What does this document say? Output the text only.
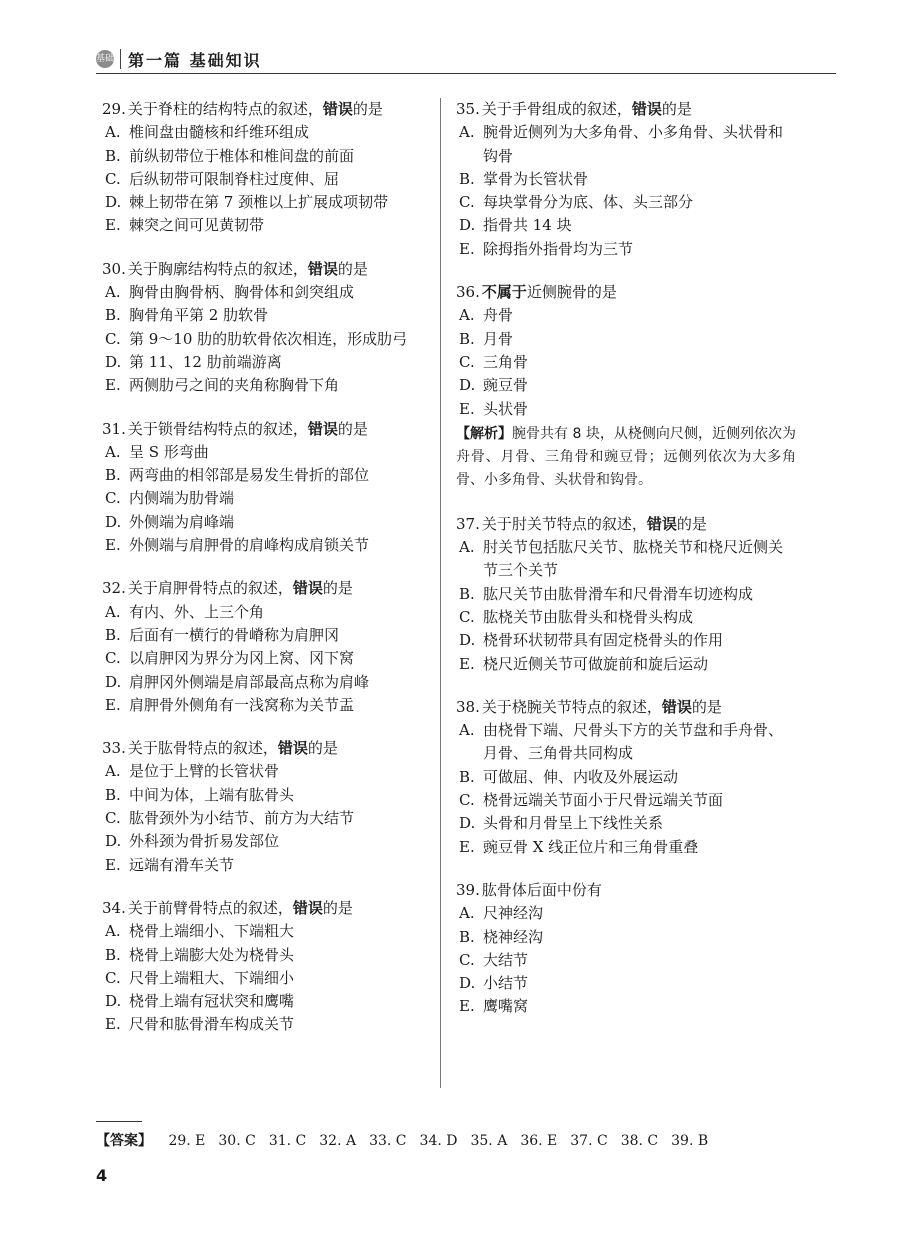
基础 第一篇 基础知识
29. 关于脊柱的结构特点的叙述，错误的是
A. 椎间盘由髓核和纤维环组成
B. 前纵韧带位于椎体和椎间盘的前面
C. 后纵韧带可限制脊柱过度伸、屈
D. 棘上韧带在第 7 颈椎以上扩展成项韧带
E. 棘突之间可见黄韧带
30. 关于胸廓结构特点的叙述，错误的是
A. 胸骨由胸骨柄、胸骨体和剑突组成
B. 胸骨角平第 2 肋软骨
C. 第 9～10 肋的肋软骨依次相连，形成肋弓
D. 第 11、12 肋前端游离
E. 两侧肋弓之间的夹角称胸骨下角
31. 关于锁骨结构特点的叙述，错误的是
A. 呈 S 形弯曲
B. 两弯曲的相邻部是易发生骨折的部位
C. 内侧端为肋骨端
D. 外侧端为肩峰端
E. 外侧端与肩胛骨的肩峰构成肩锁关节
32. 关于肩胛骨特点的叙述，错误的是
A. 有内、外、上三个角
B. 后面有一横行的骨嵴称为肩胛冈
C. 以肩胛冈为界分为冈上窝、冈下窝
D. 肩胛冈外侧端是肩部最高点称为肩峰
E. 肩胛骨外侧角有一浅窝称为关节盂
33. 关于肱骨特点的叙述，错误的是
A. 是位于上臂的长管状骨
B. 中间为体，上端有肱骨头
C. 肱骨颈外为小结节、前方为大结节
D. 外科颈为骨折易发部位
E. 远端有滑车关节
34. 关于前臂骨特点的叙述，错误的是
A. 桡骨上端细小、下端粗大
B. 桡骨上端膨大处为桡骨头
C. 尺骨上端粗大、下端细小
D. 桡骨上端有冠状突和鹰嘴
E. 尺骨和肱骨滑车构成关节
35. 关于手骨组成的叙述，错误的是
A. 腕骨近侧列为大多角骨、小多角骨、头状骨和钩骨
B. 掌骨为长管状骨
C. 每块掌骨分为底、体、头三部分
D. 指骨共 14 块
E. 除拇指外指骨均为三节
36. 不属于近侧腕骨的是
A. 舟骨
B. 月骨
C. 三角骨
D. 豌豆骨
E. 头状骨
【解析】腕骨共有 8 块，从桡侧向尺侧，近侧列依次为舟骨、月骨、三角骨和豌豆骨；远侧列依次为大多角骨、小多角骨、头状骨和钩骨。
37. 关于肘关节特点的叙述，错误的是
A. 肘关节包括肱尺关节、肱桡关节和桡尺近侧关节三个关节
B. 肱尺关节由肱骨滑车和尺骨滑车切迹构成
C. 肱桡关节由肱骨头和桡骨头构成
D. 桡骨环状韧带具有固定桡骨头的作用
E. 桡尺近侧关节可做旋前和旋后运动
38. 关于桡腕关节特点的叙述，错误的是
A. 由桡骨下端、尺骨头下方的关节盘和手舟骨、月骨、三角骨共同构成
B. 可做屈、伸、内收及外展运动
C. 桡骨远端关节面小于尺骨远端关节面
D. 头骨和月骨呈上下线性关系
E. 豌豆骨 X 线正位片和三角骨重叠
39. 肱骨体后面中份有
A. 尺神经沟
B. 桡神经沟
C. 大结节
D. 小结节
E. 鹰嘴窝
【答案】 29. E 30. C 31. C 32. A 33. C 34. D 35. A 36. E 37. C 38. C 39. B
4
